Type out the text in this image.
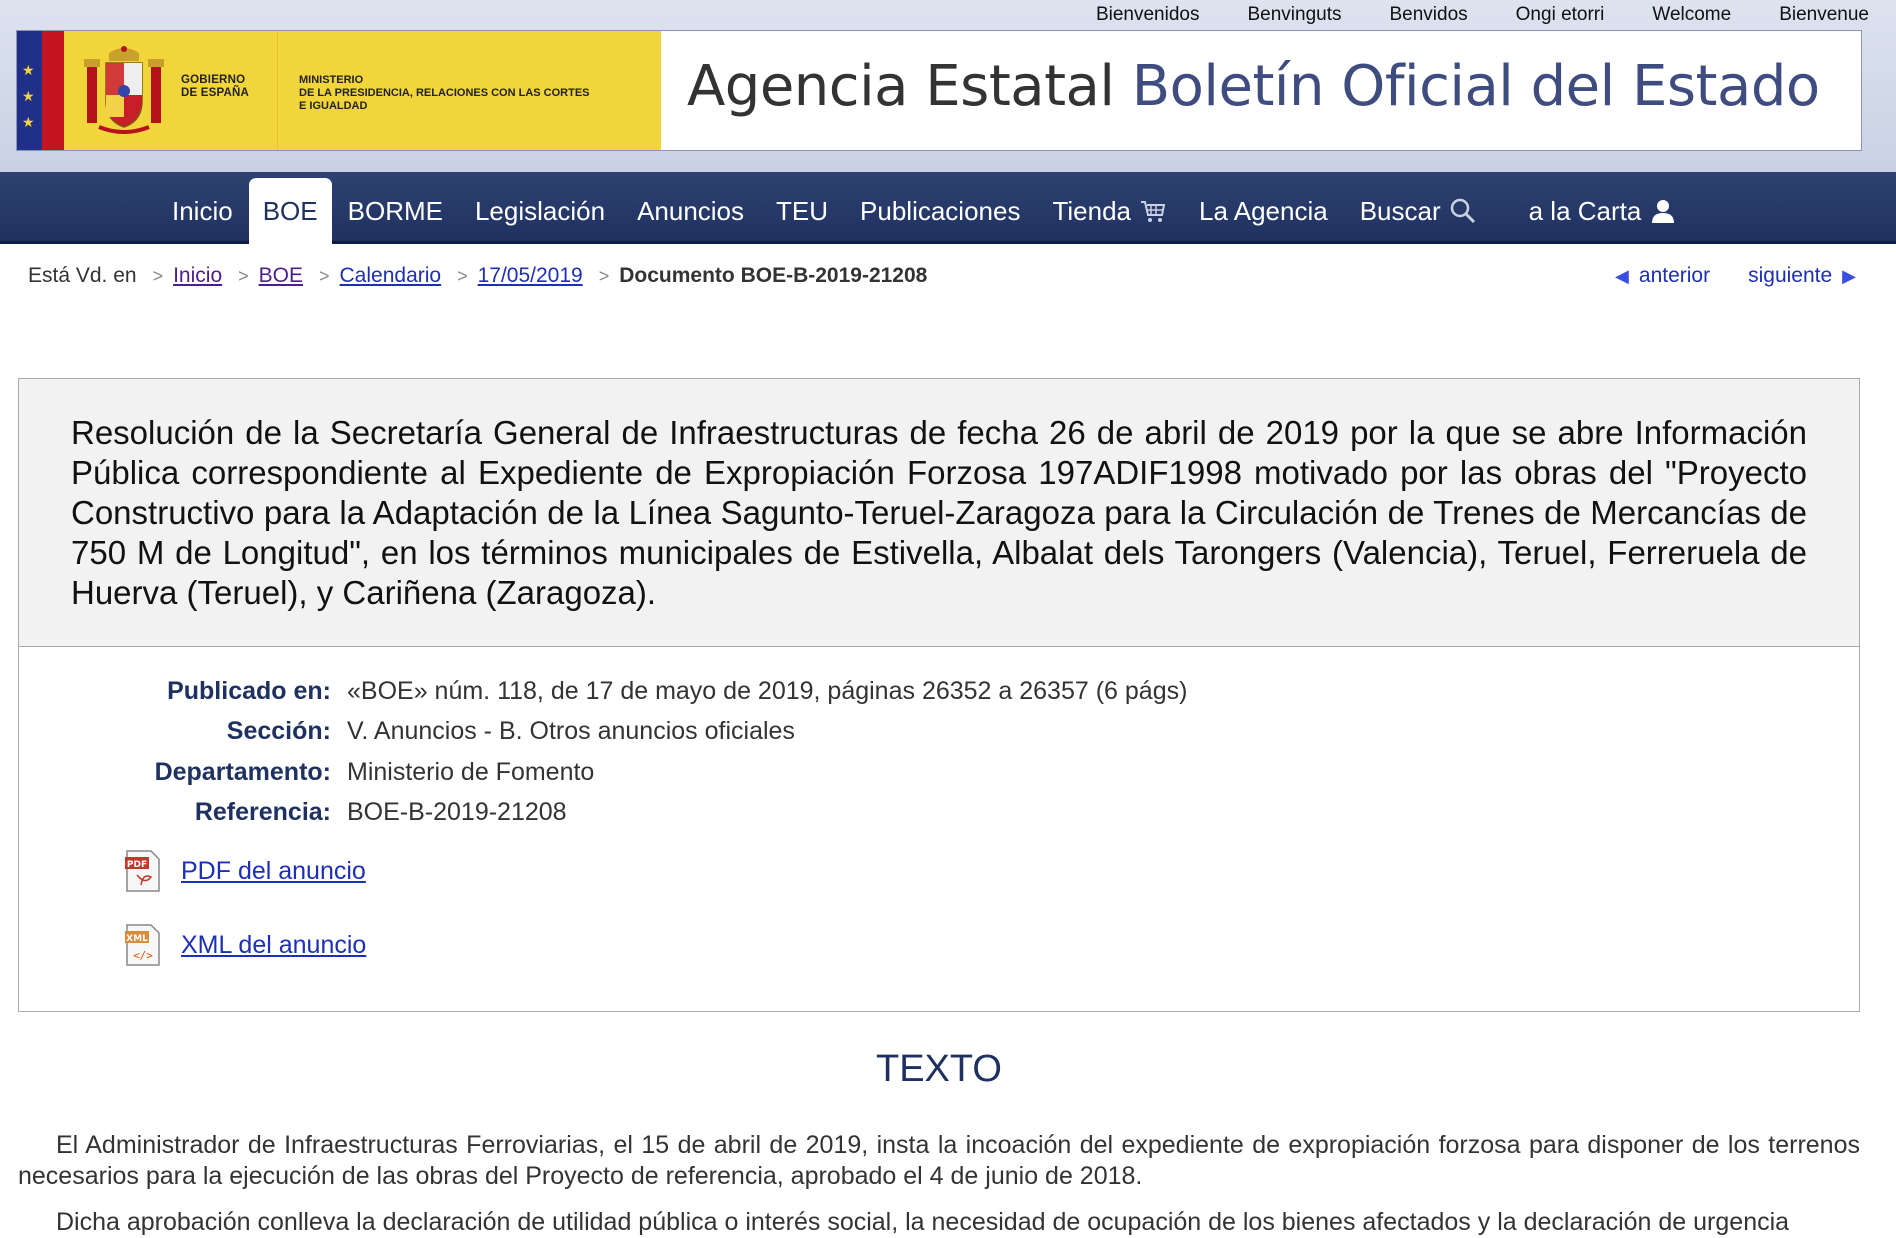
Bienvenidos	Benvinguts	Benvidos	Ongi etorri	Welcome	Bienvenue
★
★
★
GOBIERNO
DE ESPAÑA
MINISTERIO
DE LA PRESIDENCIA, RELACIONES CON LAS CORTES
E IGUALDAD	Agencia Estatal Boletín Oficial del Estado
Inicio BOE BORME Legislación Anuncios TEU Publicaciones Tienda	La Agencia Buscar	a la Carta
Está Vd. en > Inicio > BOE > Calendario > 17/05/2019 > Documento BOE-B-2019-21208	◀ anterior siguiente ▶
Resolución de la Secretaría General de Infraestructuras de fecha 26 de abril de 2019 por la que se abre Información Pública correspondiente al Expediente de Expropiación Forzosa 197ADIF1998 motivado por las obras del "Proyecto Constructivo para la Adaptación de la Línea Sagunto-Teruel-Zaragoza para la Circulación de Trenes de Mercancías de 750 M de Longitud", en los términos municipales de Estivella, Albalat dels Tarongers (Valencia), Teruel, Ferreruela de Huerva (Teruel), y Cariñena (Zaragoza).
Publicado en: «BOE» núm. 118, de 17 de mayo de 2019, páginas 26352 a 26357 (6 págs)
Sección: V. Anuncios - B. Otros anuncios oficiales
Departamento: Ministerio de Fomento
Referencia: BOE-B-2019-21208
PDF PDF del anuncio
XML
</> XML del anuncio
TEXTO

El Administrador de Infraestructuras Ferroviarias, el 15 de abril de 2019, insta la incoación del expediente de expropiación forzosa para disponer de los terrenos necesarios para la ejecución de las obras del Proyecto de referencia, aprobado el 4 de junio de 2018.

Dicha aprobación conlleva la declaración de utilidad pública o interés social, la necesidad de ocupación de los bienes afectados y la declaración de urgencia
